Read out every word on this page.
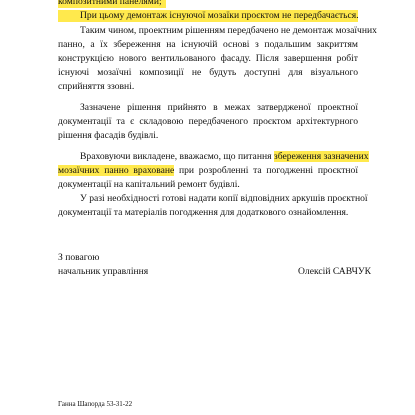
композитними панелями;
При цьому демонтаж існуючої мозаїки проєктом не передбачається.
Таким чином, проектним рішенням передбачено не демонтаж мозаїчних
панно, а їх збереження на існуючій основі з подальшим закриттям
конструкцією нового вентильованого фасаду. Після завершення робіт
існуючі мозаїчні композиції не будуть доступні для візуального
сприйняття ззовні.
Зазначене рішення прийнято в межах затвердженої проектної
документації та є складовою передбаченого проєктом архітектурного
рішення фасадів будівлі.
Враховуючи викладене, вважаємо, що питання збереження зазначених
мозаїчних панно враховане при розробленні та погодженні проєктної
документації на капітальний ремонт будівлі.
У разі необхідності готові надати копії відповідних аркушів проєктної
документації та матеріалів погодження для додаткового ознайомлення.
З повагою
начальник управління	Олексій САВЧУК
Ганна Шапорда 53-31-22
